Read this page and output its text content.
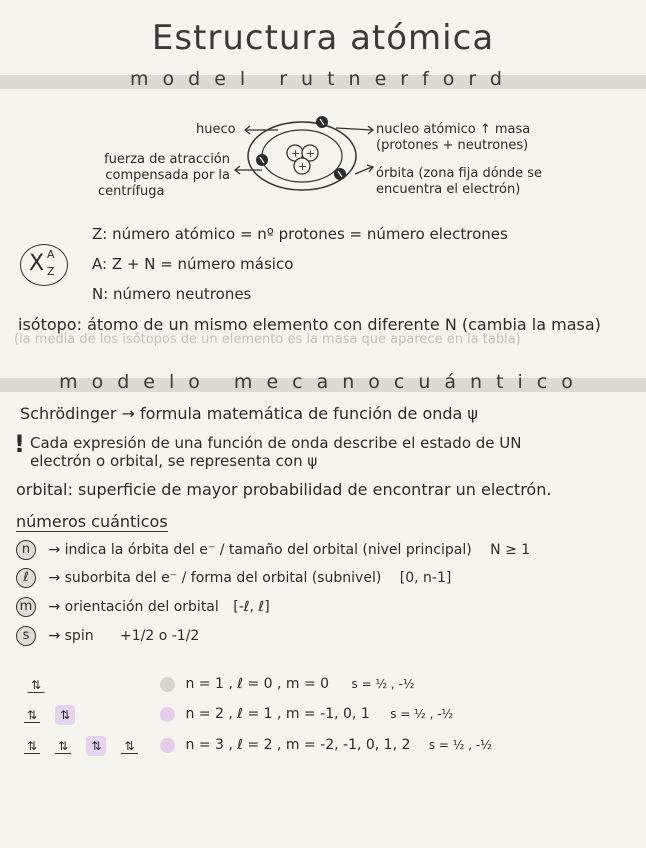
Estructura atómica
model rutnerford
+ +
+
hueco
fuerza de atracción
compensada por la
centrífuga
nucleo atómico ↑ masa
(protones + neutrones)
órbita (zona fija dónde se
encuentra el electrón)
X A
Z
Z: número atómico = nº protones = número electrones
A: Z + N = número másico
N: número neutrones
isótopo: átomo de un mismo elemento con diferente N (cambia la masa)
(la media de los isótopos de un elemento es la masa que aparece en la tabla)
modelo mecanocuántico
Schrödinger → formula matemática de función de onda ψ
! Cada expresión de una función de onda describe el estado de UN
electrón o orbital, se representa con ψ
orbital: superficie de mayor probabilidad de encontrar un electrón.
números cuánticos
n → indica la órbita del e⁻ / tamaño del orbital (nivel principal) N ≥ 1
ℓ → suborbita del e⁻ / forma del orbital (subnivel) [0, n-1]
m → orientación del orbital [-ℓ, ℓ]
s → spin +1/2 o -1/2
⇅	n = 1 , ℓ = 0 , m = 0 s = ½ , -½
⇅ ⇅	n = 2 , ℓ = 1 , m = -1, 0, 1 s = ½ , -½
⇅ ⇅ ⇅ ⇅	n = 3 , ℓ = 2 , m = -2, -1, 0, 1, 2 s = ½ , -½
